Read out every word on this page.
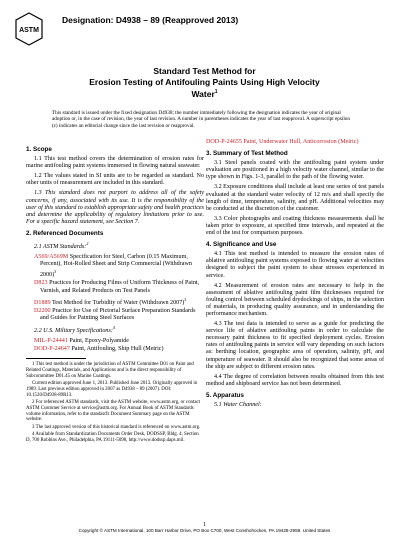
ASTM
Designation: D4938 – 89 (Reapproved 2013)
Standard Test Method for
Erosion Testing of Antifouling Paints Using High Velocity
Water$^1$
This standard is issued under the fixed designation D4938; the number immediately following the designation indicates the year of original adoption or, in the case of revision, the year of last revision. A number in parentheses indicates the year of last reapproval. A superscript epsilon (ε) indicates an editorial change since the last revision or reapproval.
1. Scope

1.1 This test method covers the determination of erosion rates for marine antifouling paint systems immersed in flowing natural seawater.

1.2 The values stated in SI units are to be regarded as standard. No other units of measurement are included in this standard.

1.3 This standard does not purport to address all of the safety concerns, if any, associated with its use. It is the responsibility of the user of this standard to establish appropriate safety and health practices and determine the applicability of regulatory limitations prior to use. For a specific hazard statement, see Section 7.

2. Referenced Documents

2.1 ASTM Standards:$^2$

A569/A569M Specification for Steel, Carbon (0.15 Maximum, Percent), Hot-Rolled Sheet and Strip Commercial (Withdrawn 2000)$^3$
D823 Practices for Producing Films of Uniform Thickness of Paint, Varnish, and Related Products on Test Panels
D1889 Test Method for Turbidity of Water (Withdrawn 2007)$^3$
D2200 Practice for Use of Pictorial Surface Preparation Standards and Guides for Painting Steel Surfaces

2.2 U.S. Military Specifications:$^4$

MIL-P-24441 Paint, Epoxy-Polyamide
DOD-P-24647 Paint, Antifouling, Ship Hull (Metric)

1 This test method is under the jurisdiction of ASTM Committee D01 on Paint and Related Coatings, Materials, and Applications and is the direct responsibility of Subcommittee D01.45 on Marine Coatings.

Current edition approved June 1, 2013. Published June 2013. Originally approved in 1989. Last previous edition approved in 2007 as D4938 – 89 (2007). DOI: 10.1520/D4938-89R13.

2 For referenced ASTM standards, visit the ASTM website, www.astm.org, or contact ASTM Customer Service at service@astm.org. For Annual Book of ASTM Standards volume information, refer to the standard's Document Summary page on the ASTM website.

3 The last approved version of this historical standard is referenced on www.astm.org.

4 Available from Standardization Documents Order Desk, DODSSP, Bldg. 4, Section D, 700 Robbins Ave., Philadelphia, PA 19111-5098, http://www.dodssp.daps.mil.

DOD-P-24655 Paint, Underwater Hull, Anticorrosion (Metric)
3. Summary of Test Method

3.1 Steel panels coated with the antifouling paint system under evaluation are positioned in a high velocity water channel, similar to the type shown in Figs. 1-3, parallel to the path of the flowing water.

3.2 Exposure conditions shall include at least one series of test panels evaluated at the standard water velocity of 12 m/s and shall specify the length of time, temperature, salinity, and pH. Additional velocities may be conducted at the discretion of the customer.

3.3 Color photographs and coating thickness measurements shall be taken prior to exposure, at specified time intervals, and repeated at the end of the test for comparison purposes.

4. Significance and Use

4.1 This test method is intended to measure the erosion rates of ablative antifouling paint systems exposed to flowing water at velocities designed to subject the paint system to shear stresses experienced in service.

4.2 Measurement of erosion rates are necessary to help in the assessment of ablative antifouling paint film thicknesses required for fouling control between scheduled drydockings of ships, in the selection of materials, in producing quality assurance, and in understanding the performance mechanism.

4.3 The test data is intended to serve as a guide for predicting the service life of ablative antifouling paints in order to calculate the necessary paint thickness to fit specified deployment cycles. Erosion rates of antifouling paints in service will vary depending on such factors as: berthing location, geographic area of operation, salinity, pH, and temperature of seawater. It should also be recognized that some areas of the ship are subject to different erosion rates.

4.4 The degree of correlation between results obtained from this test method and shipboard service has not been determined.

5. Apparatus

5.1 Water Channel:

1
Copyright © ASTM International, 100 Barr Harbor Drive, PO Box C700, West Conshohocken, PA 19428-2959. United States
